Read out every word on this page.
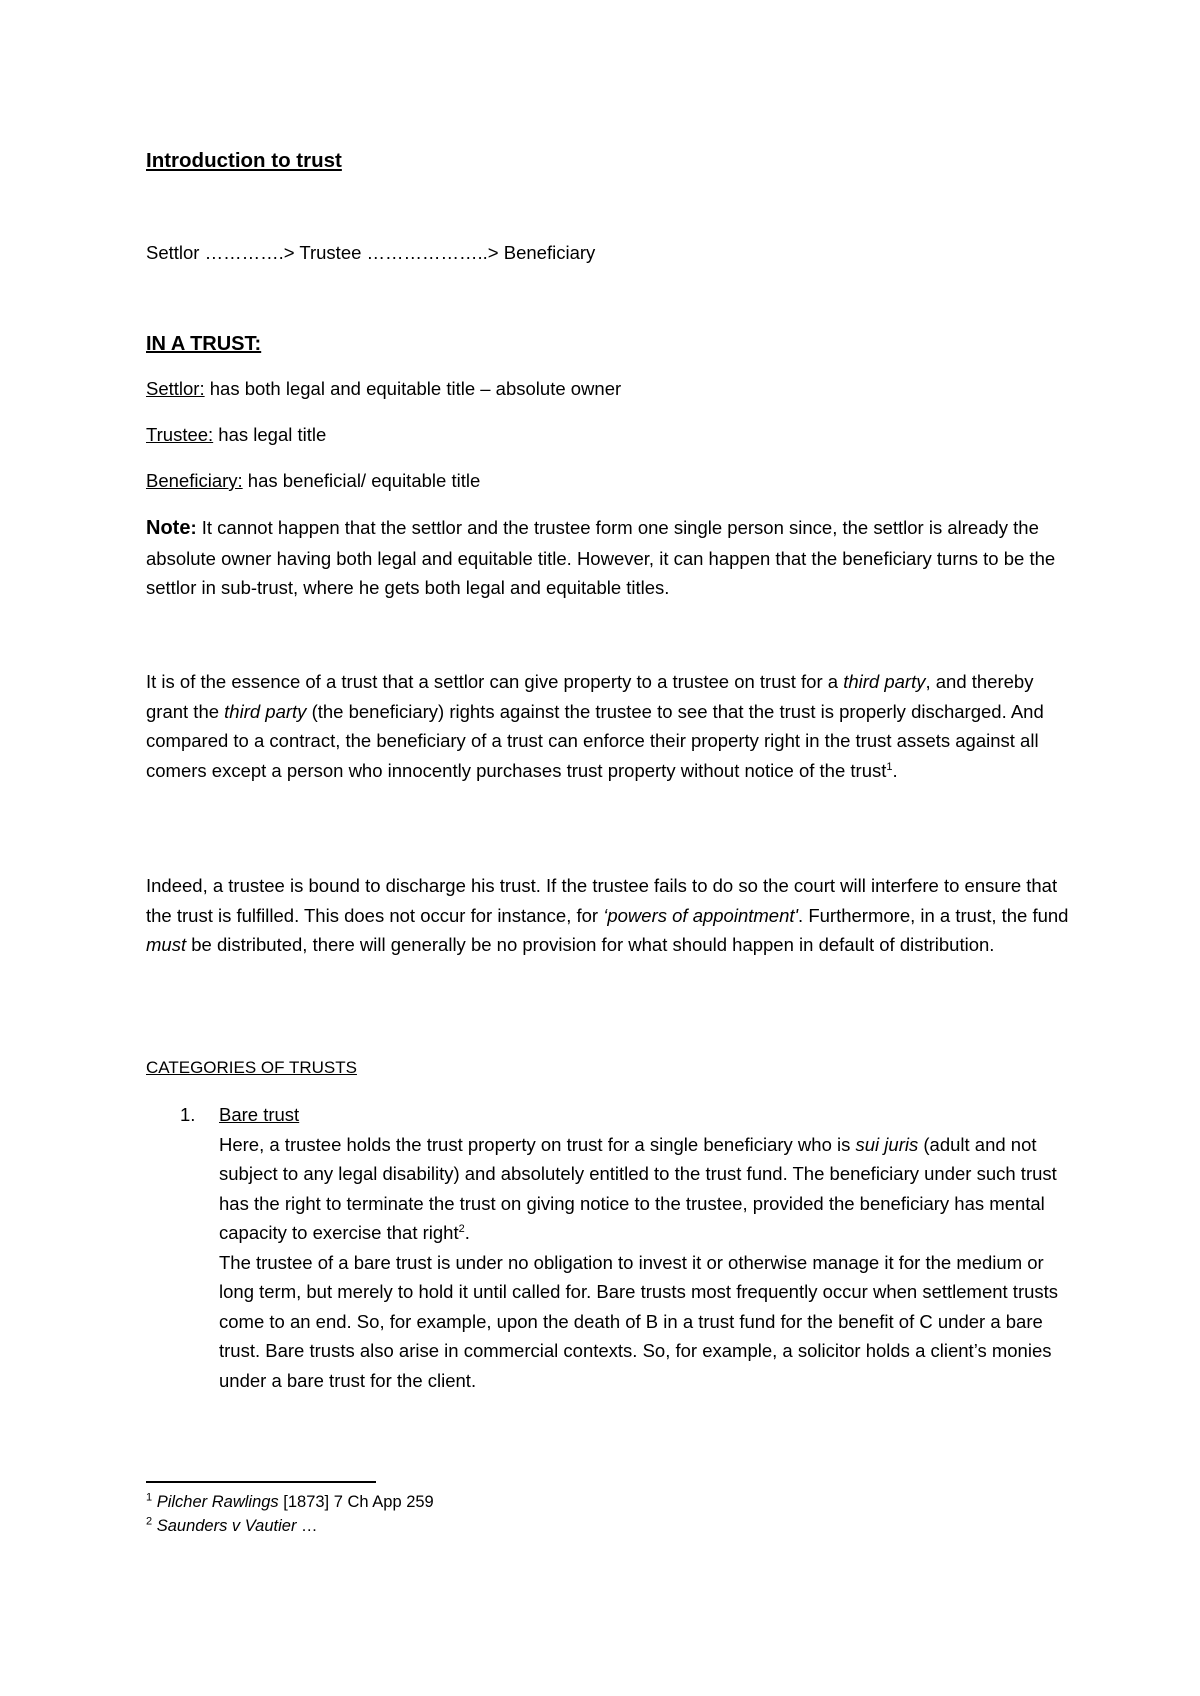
Introduction to trust
Settlor ………….> Trustee ………………..> Beneficiary
IN A TRUST:
Settlor: has both legal and equitable title – absolute owner
Trustee: has legal title
Beneficiary: has beneficial/ equitable title
Note: It cannot happen that the settlor and the trustee form one single person since, the settlor is already the absolute owner having both legal and equitable title. However, it can happen that the beneficiary turns to be the settlor in sub-trust, where he gets both legal and equitable titles.
It is of the essence of a trust that a settlor can give property to a trustee on trust for a third party, and thereby grant the third party (the beneficiary) rights against the trustee to see that the trust is properly discharged. And compared to a contract, the beneficiary of a trust can enforce their property right in the trust assets against all comers except a person who innocently purchases trust property without notice of the trust$^1$.
Indeed, a trustee is bound to discharge his trust. If the trustee fails to do so the court will interfere to ensure that the trust is fulfilled. This does not occur for instance, for ‘powers of appointment'. Furthermore, in a trust, the fund must be distributed, there will generally be no provision for what should happen in default of distribution.
CATEGORIES OF TRUSTS
1. Bare trust
Here, a trustee holds the trust property on trust for a single beneficiary who is sui juris (adult and not subject to any legal disability) and absolutely entitled to the trust fund. The beneficiary under such trust has the right to terminate the trust on giving notice to the trustee, provided the beneficiary has mental capacity to exercise that right$^2$.
The trustee of a bare trust is under no obligation to invest it or otherwise manage it for the medium or long term, but merely to hold it until called for. Bare trusts most frequently occur when settlement trusts come to an end. So, for example, upon the death of B in a trust fund for the benefit of C under a bare trust. Bare trusts also arise in commercial contexts. So, for example, a solicitor holds a client’s monies under a bare trust for the client.
$^1$ Pilcher Rawlings [1873] 7 Ch App 259
$^2$ Saunders v Vautier …
